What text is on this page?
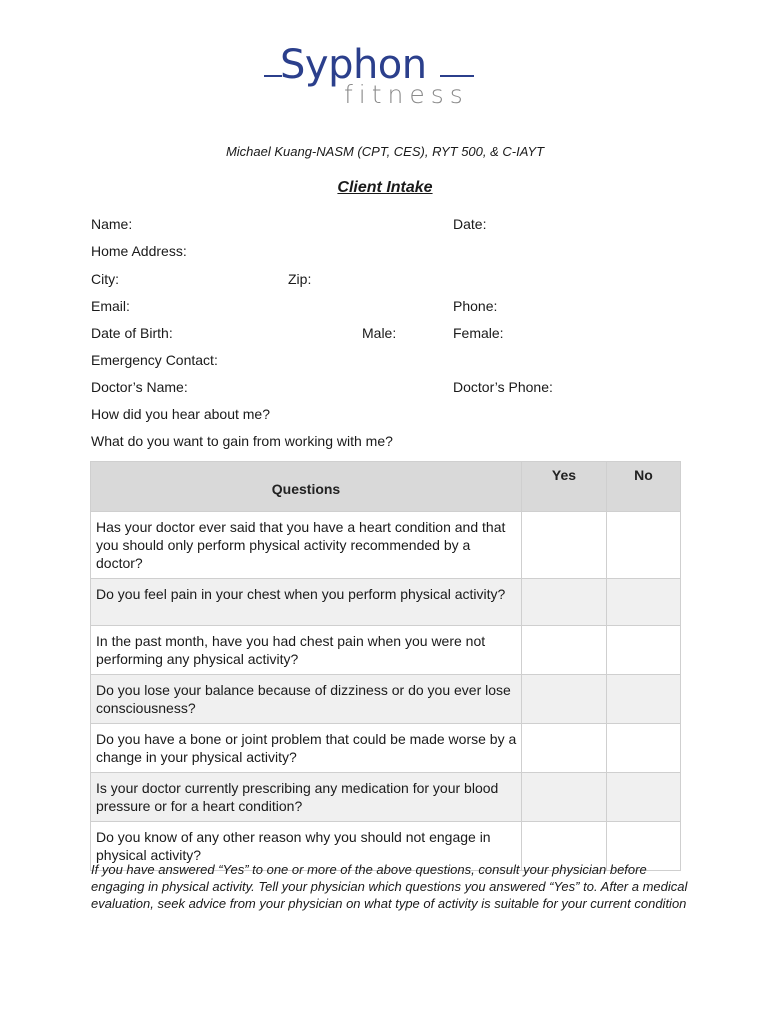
Syphon
fitness
Michael Kuang-NASM (CPT, CES), RYT 500, & C-IAYT
Client Intake
Name:	Date:
Home Address:
City:	Zip:
Email:	Phone:
Date of Birth:	Male:	Female:
Emergency Contact:
Doctor’s Name:	Doctor’s Phone:
How did you hear about me?
What do you want to gain from working with me?
Questions	Yes	No
Has your doctor ever said that you have a heart condition and that you should only perform physical activity recommended by a doctor?		
Do you feel pain in your chest when you perform physical activity?		
In the past month, have you had chest pain when you were not performing any physical activity?		
Do you lose your balance because of dizziness or do you ever lose consciousness?		
Do you have a bone or joint problem that could be made worse by a change in your physical activity?		
Is your doctor currently prescribing any medication for your blood pressure or for a heart condition?		
Do you know of any other reason why you should not engage in physical activity?		
If you have answered “Yes” to one or more of the above questions, consult your physician before engaging in physical activity. Tell your physician which questions you answered “Yes” to. After a medical evaluation, seek advice from your physician on what type of activity is suitable for your current condition
